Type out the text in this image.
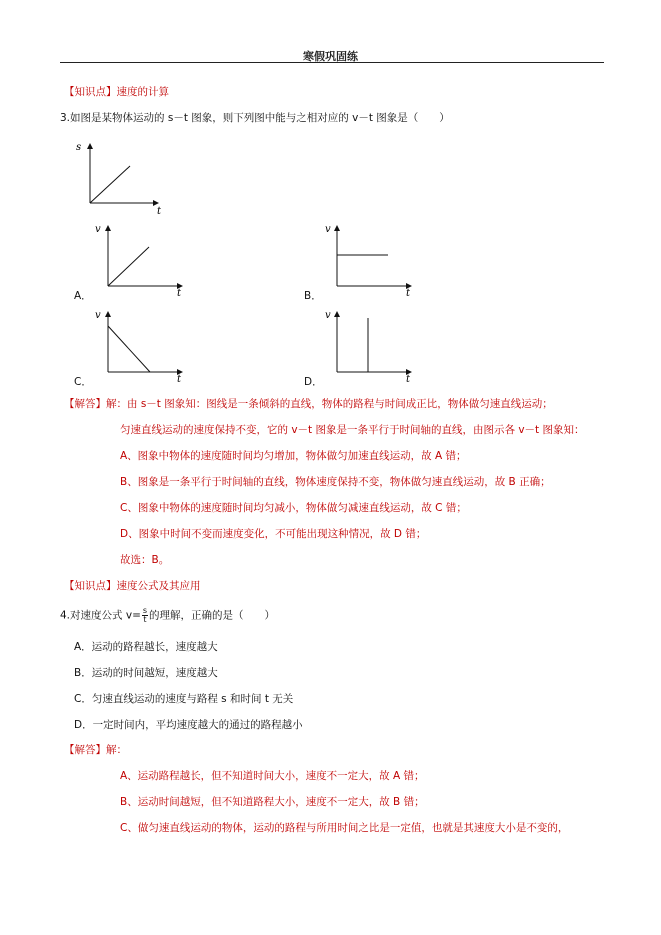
寒假巩固练
【知识点】速度的计算
3.如图是某物体运动的 s－t 图象，则下列图中能与之相对应的 v－t 图象是（　　）
s
t
v
t
A．
v
t
B．
v
t
C．
v
t
D．
【解答】解：由 s－t 图象知：图线是一条倾斜的直线，物体的路程与时间成正比，物体做匀速直线运动；
匀速直线运动的速度保持不变，它的 v－t 图象是一条平行于时间轴的直线，由图示各 v－t 图象知：
A、图象中物体的速度随时间均匀增加，物体做匀加速直线运动，故 A 错；
B、图象是一条平行于时间轴的直线，物体速度保持不变，物体做匀速直线运动，故 B 正确；
C、图象中物体的速度随时间均匀减小，物体做匀减速直线运动，故 C 错；
D、图象中时间不变而速度变化，不可能出现这种情况，故 D 错；
故选：B。
【知识点】速度公式及其应用
4.对速度公式 $v= \frac{s}{t}$ 的理解，正确的是（　　）
A．运动的路程越长，速度越大
B．运动的时间越短，速度越大
C．匀速直线运动的速度与路程 s 和时间 t 无关
D．一定时间内，平均速度越大的通过的路程越小
【解答】解：
A、运动路程越长，但不知道时间大小，速度不一定大，故 A 错；
B、运动时间越短，但不知道路程大小，速度不一定大，故 B 错；
C、做匀速直线运动的物体，运动的路程与所用时间之比是一定值，也就是其速度大小是不变的，
